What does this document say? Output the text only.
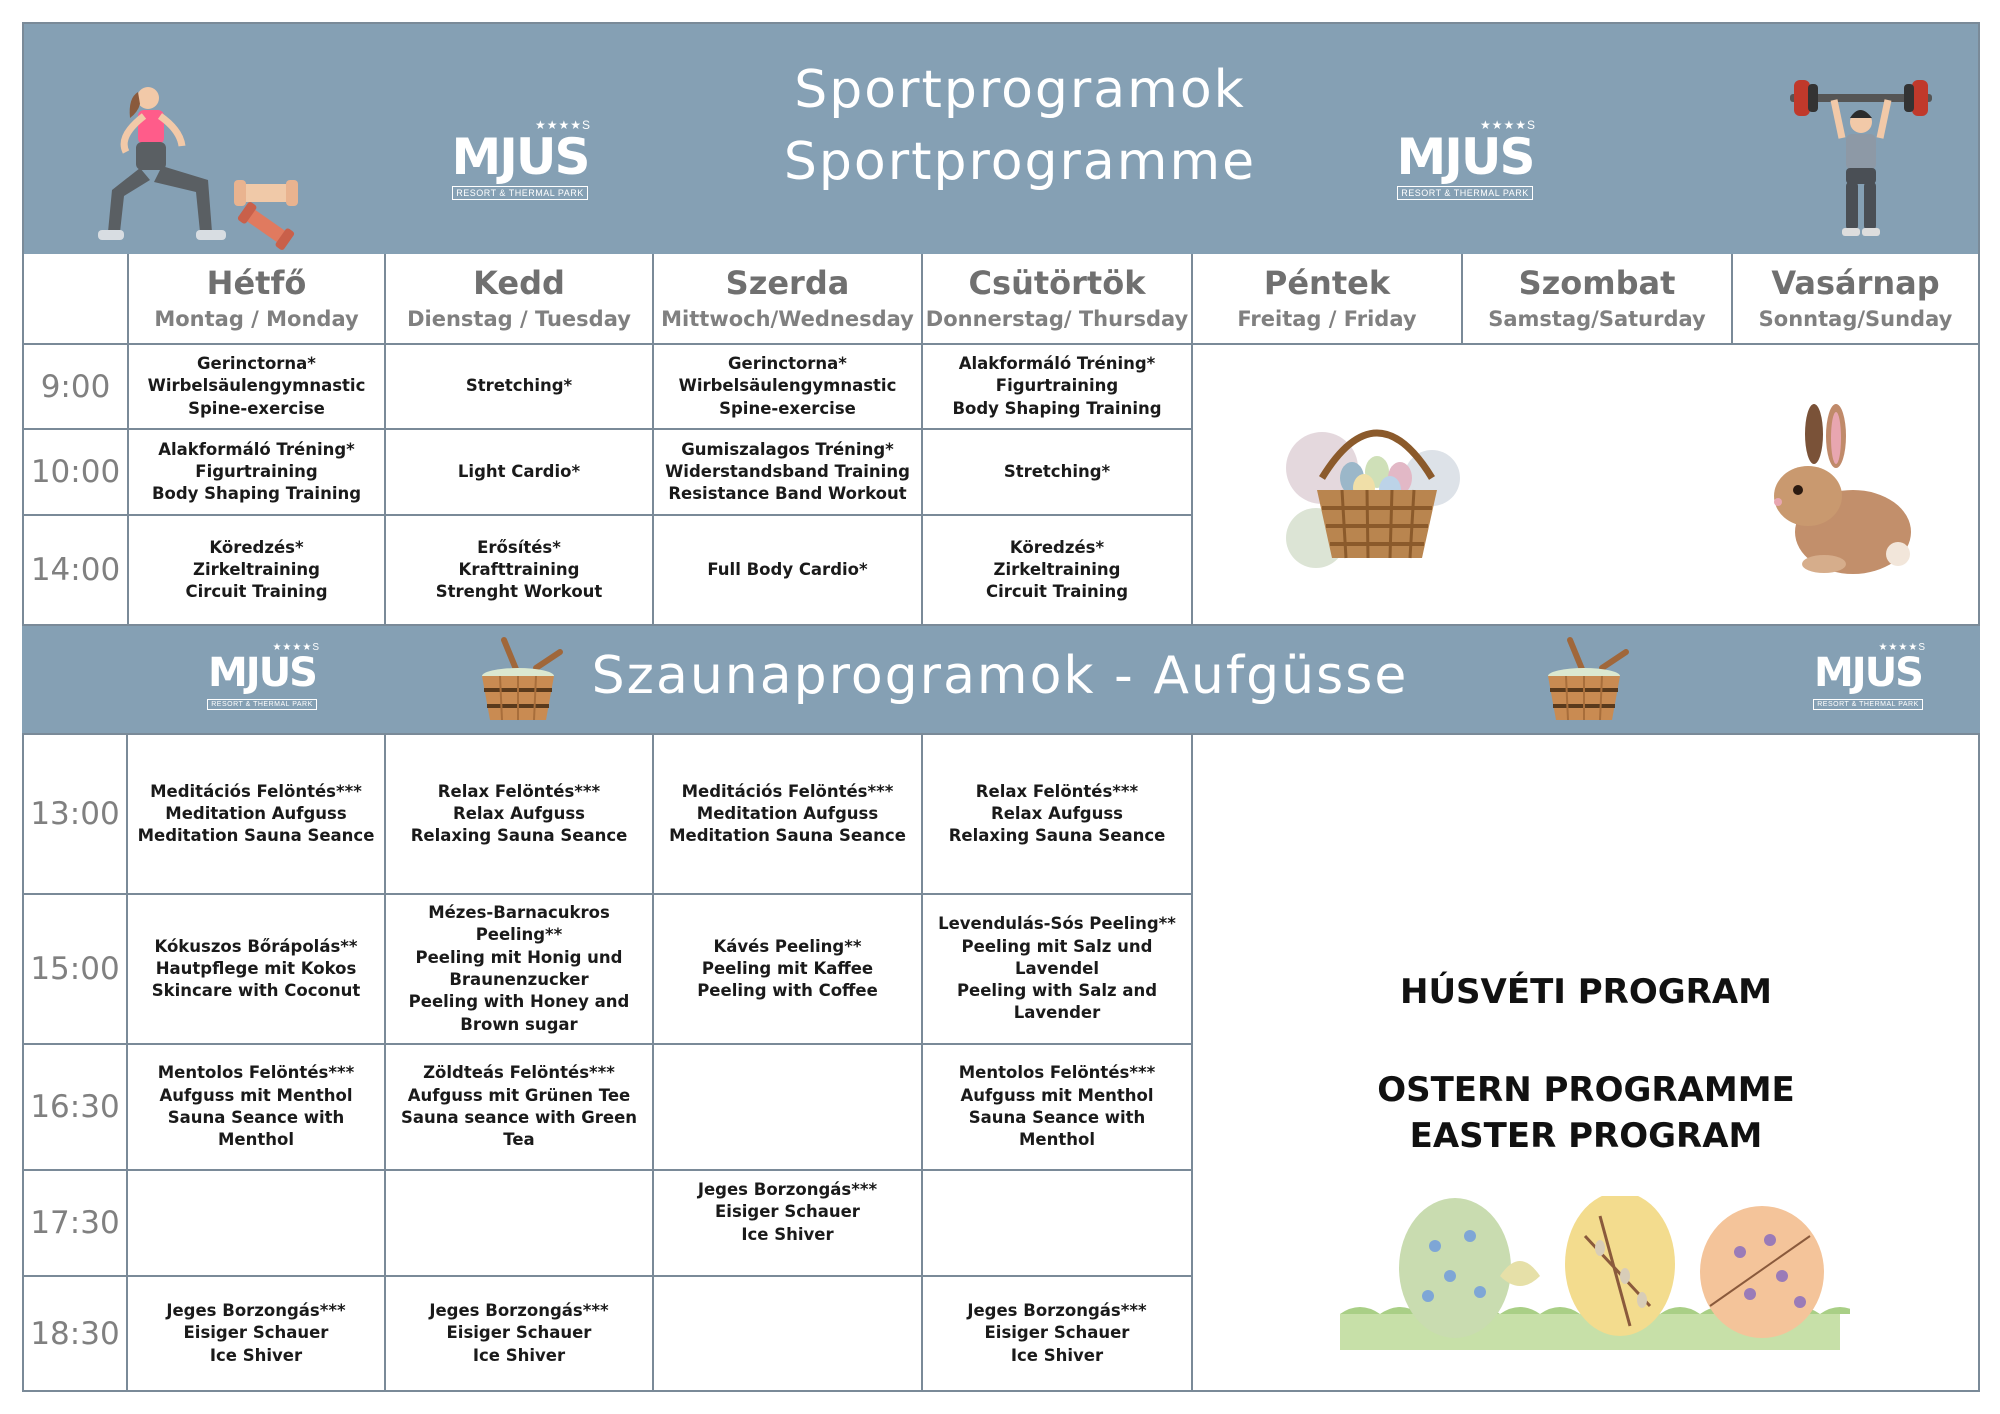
Sportprogramok
Sportprogramme
★★★★S
MJUS
RESORT & THERMAL PARK
★★★★S
MJUS
RESORT & THERMAL PARK
Hétfő
Montag / Monday
Kedd
Dienstag / Tuesday
Szerda
Mittwoch/Wednesday
Csütörtök
Donnerstag/ Thursday
Péntek
Freitag / Friday
Szombat
Samstag/Saturday
Vasárnap
Sonntag/Sunday
9:00
Gerinctorna*
Wirbelsäulengymnastic
Spine-exercise
Stretching*
Gerinctorna*
Wirbelsäulengymnastic
Spine-exercise
Alakformáló Tréning*
Figurtraining
Body Shaping Training
10:00
Alakformáló Tréning*
Figurtraining
Body Shaping Training
Light Cardio*
Gumiszalagos Tréning*
Widerstandsband Training
Resistance Band Workout
Stretching*
14:00
Köredzés*
Zirkeltraining
Circuit Training
Erősítés*
Krafttraining
Strenght Workout
Full Body Cardio*
Köredzés*
Zirkeltraining
Circuit Training
Szaunaprogramok - Aufgüsse
★★★★S
MJUS
RESORT & THERMAL PARK
★★★★S
MJUS
RESORT & THERMAL PARK
13:00
Meditációs Felöntés***
Meditation Aufguss
Meditation Sauna Seance
Relax Felöntés***
Relax Aufguss
Relaxing Sauna Seance
Meditációs Felöntés***
Meditation Aufguss
Meditation Sauna Seance
Relax Felöntés***
Relax Aufguss
Relaxing Sauna Seance
15:00
Kókuszos Bőrápolás**
Hautpflege mit Kokos
Skincare with Coconut
Mézes-Barnacukros
Peeling**
Peeling mit Honig und
Braunenzucker
Peeling with Honey and
Brown sugar
Kávés Peeling**
Peeling mit Kaffee
Peeling with Coffee
Levendulás-Sós Peeling**
Peeling mit Salz und
Lavendel
Peeling with Salz and
Lavender
16:30
Mentolos Felöntés***
Aufguss mit Menthol
Sauna Seance with Menthol
Zöldteás Felöntés***
Aufguss mit Grünen Tee
Sauna seance with Green
Tea
Mentolos Felöntés***
Aufguss mit Menthol
Sauna Seance with Menthol
17:30
Jeges Borzongás***
Eisiger Schauer
Ice Shiver
18:30
Jeges Borzongás***
Eisiger Schauer
Ice Shiver
Jeges Borzongás***
Eisiger Schauer
Ice Shiver
Jeges Borzongás***
Eisiger Schauer
Ice Shiver
HÚSVÉTI PROGRAM
OSTERN PROGRAMME
EASTER PROGRAM
